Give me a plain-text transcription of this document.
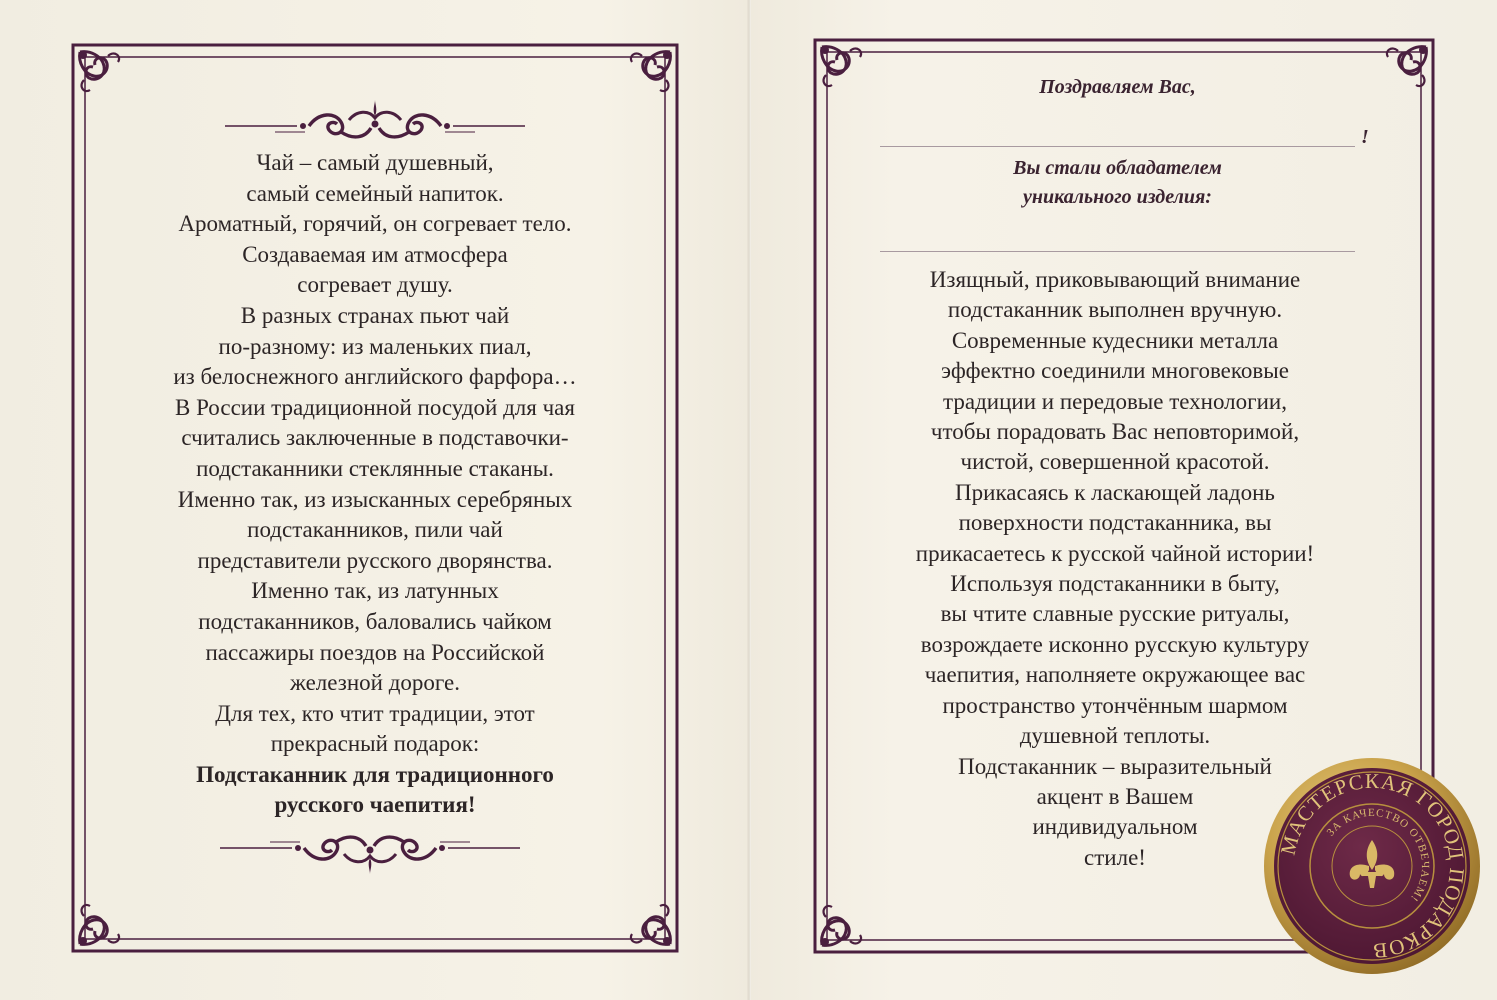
Чай – самый душевный,
самый семейный напиток.
Ароматный, горячий, он согревает тело.
Создаваемая им атмосфера
согревает душу.
В разных странах пьют чай
по-разному: из маленьких пиал,
из белоснежного английского фарфора…
В России традиционной посудой для чая
считались заключенные в подставочки-
подстаканники стеклянные стаканы.
Именно так, из изысканных серебряных
подстаканников, пили чай
представители русского дворянства.
Именно так, из латунных
подстаканников, баловались чайком
пассажиры поездов на Российской
железной дороге.
Для тех, кто чтит традиции, этот
прекрасный подарок:
Подстаканник для традиционного
русского чаепития!
Поздравляем Вас,
!
Вы стали обладателем
уникального изделия:
Изящный, приковывающий внимание
подстаканник выполнен вручную.
Современные кудесники металла
эффектно соединили многовековые
традиции и передовые технологии,
чтобы порадовать Вас неповторимой,
чистой, совершенной красотой.
Прикасаясь к ласкающей ладонь
поверхности подстаканника, вы
прикасаетесь к русской чайной истории!
Используя подстаканники в быту,
вы чтите славные русские ритуалы,
возрождаете исконно русскую культуру
чаепития, наполняете окружающее вас
пространство утончённым шармом
душевной теплоты.
Подстаканник – выразительный
акцент в Вашем
индивидуальном
стиле!	МАСТЕРСКАЯ ГОРОД ПОДАРКОВ
ЗА КАЧЕСТВО ОТВЕЧАЕМ!
